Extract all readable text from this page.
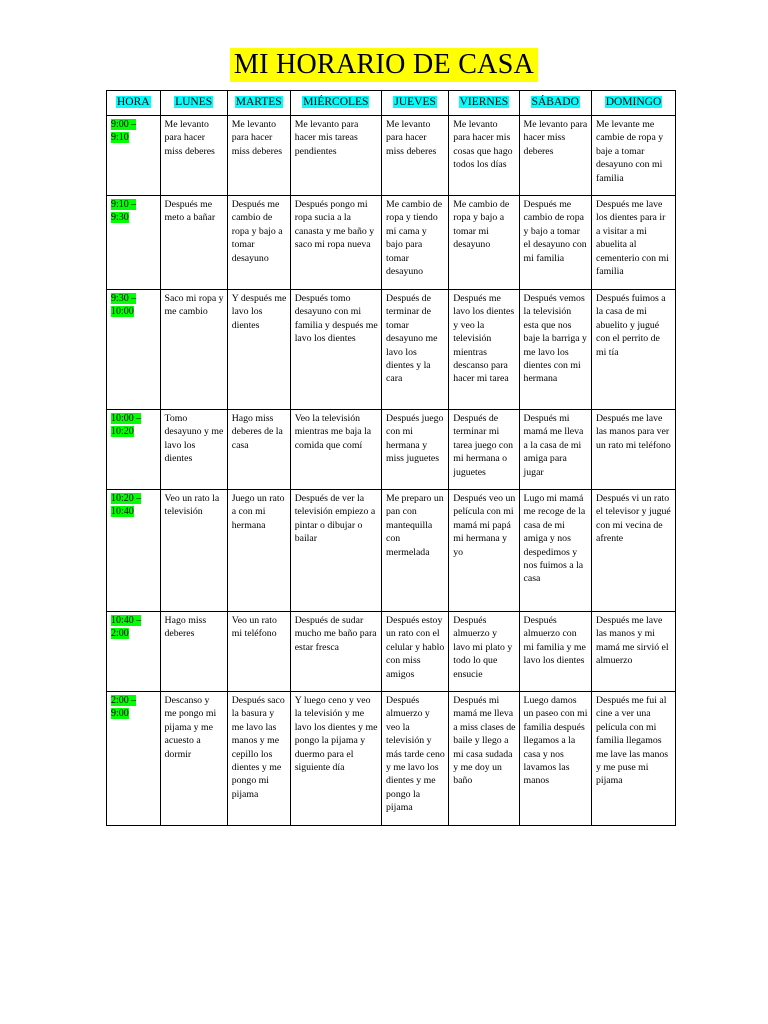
MI HORARIO DE CASA
HORA	LUNES	MARTES	MIÉRCOLES	JUEVES	VIERNES	SÁBADO	DOMINGO
9:00 – 9:10	Me levanto para hacer miss deberes	Me levanto para hacer miss deberes	Me levanto para hacer mis tareas pendientes	Me levanto para hacer miss deberes	Me levanto para hacer mis cosas que hago todos los días	Me levanto para hacer miss deberes	Me levante me cambie de ropa y baje a tomar desayuno con mi familia
9:10 – 9:30	Después me meto a bañar	Después me cambio de ropa y bajo a tomar desayuno	Después pongo mi ropa sucia a la canasta y me baño y saco mi ropa nueva	Me cambio de ropa y tiendo mi cama y bajo para tomar desayuno	Me cambio de ropa y bajo a tomar mi desayuno	Después me cambio de ropa y bajo a tomar el desayuno con mi familia	Después me lave los dientes para ir a visitar a mi abuelita al cementerio con mi familia
9:30 – 10:00	Saco mi ropa y me cambio	Y después me lavo los dientes	Después tomo desayuno con mi familia y después me lavo los dientes	Después de terminar de tomar desayuno me lavo los dientes y la cara	Después me lavo los dientes y veo la televisión mientras descanso para hacer mi tarea	Después vemos la televisión esta que nos baje la barriga y me lavo los dientes con mi hermana	Después fuimos a la casa de mi abuelito y jugué con el perrito de mi tía
10:00 – 10:20	Tomo desayuno y me lavo los dientes	Hago miss deberes de la casa	Veo la televisión mientras me baja la comida que comí	Después juego con mi hermana y miss juguetes	Después de terminar mi tarea juego con mi hermana o juguetes	Después mi mamá me lleva a la casa de mi amiga para jugar	Después me lave las manos para ver un rato mi teléfono
10:20 – 10:40	Veo un rato la televisión	Juego un rato a con mi hermana	Después de ver la televisión empiezo a pintar o dibujar o bailar	Me preparo un pan con mantequilla con mermelada	Después veo un película con mi mamá mi papá mi hermana y yo	Lugo mi mamá me recoge de la casa de mi amiga y nos despedimos y nos fuimos a la casa	Después vi un rato el televisor y jugué con mi vecina de afrente
10:40 – 2:00	Hago miss deberes	Veo un rato mi teléfono	Después de sudar mucho me baño para estar fresca	Después estoy un rato con el celular y hablo con miss amigos	Después almuerzo y lavo mi plato y todo lo que ensucie	Después almuerzo con mi familia y me lavo los dientes	Después me lave las manos y mi mamá me sirvió el almuerzo
2:00 – 9:00	Descanso y me pongo mi pijama y me acuesto a dormir	Después saco la basura y me lavo las manos y me cepillo los dientes y me pongo mi pijama	Y luego ceno y veo la televisión y me lavo los dientes y me pongo la pijama y duermo para el siguiente día	Después almuerzo y veo la televisión y más tarde ceno y me lavo los dientes y me pongo la pijama	Después mi mamá me lleva a miss clases de baile y llego a mi casa sudada y me doy un baño	Luego damos un paseo con mi familia después llegamos a la casa y nos lavamos las manos	Después me fui al cine a ver una película con mi familia llegamos me lave las manos y me puse mi pijama
